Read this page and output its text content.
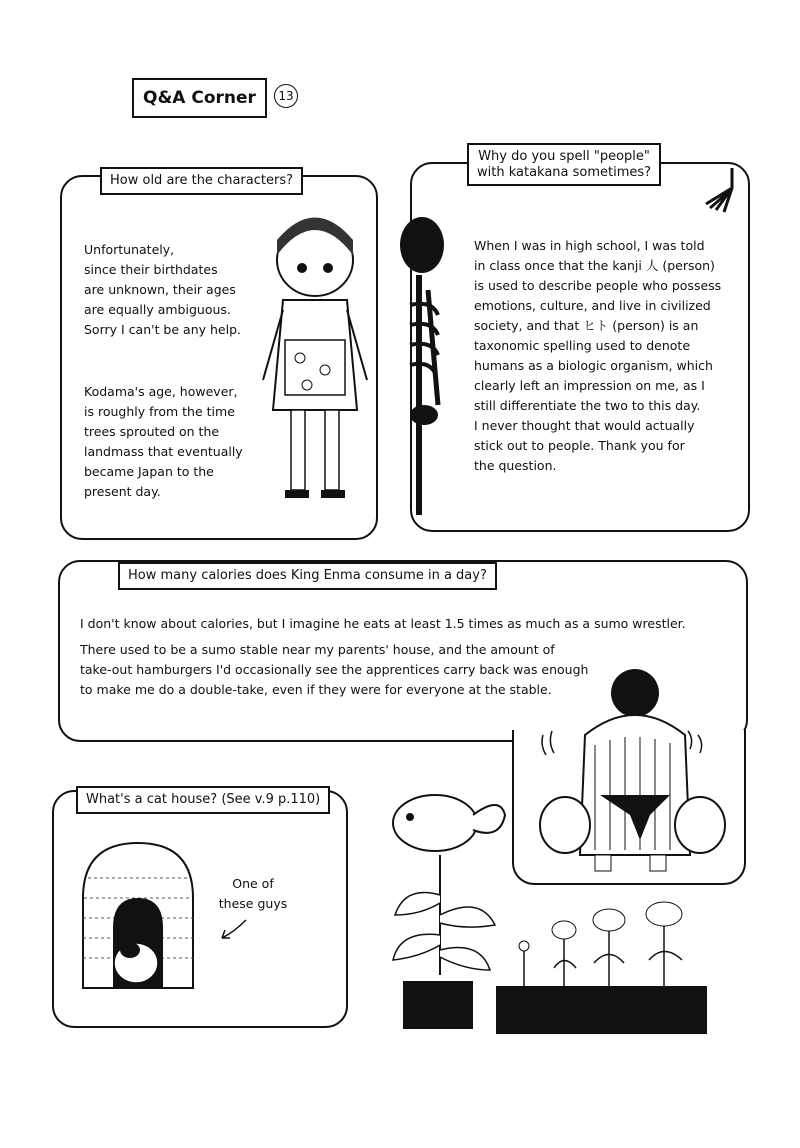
Q&A Corner	13
How old are the characters?
Unfortunately,
since their birthdates
are unknown, their ages
are equally ambiguous.
Sorry I can't be any help.
Kodama's age, however,
is roughly from the time
trees sprouted on the
landmass that eventually
became Japan to the
present day.
Why do you spell "people"
with katakana sometimes?
When I was in high school, I was told
in class once that the kanji 人 (person)
is used to describe people who possess
emotions, culture, and live in civilized
society, and that ヒト (person) is an
taxonomic spelling used to denote
humans as a biologic organism, which
clearly left an impression on me, as I
still differentiate the two to this day.
I never thought that would actually
stick out to people. Thank you for
the question.
How many calories does King Enma consume in a day?
I don't know about calories, but I imagine he eats at least 1.5 times as much as a sumo wrestler.
There used to be a sumo stable near my parents' house, and the amount of
take-out hamburgers I'd occasionally see the apprentices carry back was enough
to make me do a double-take, even if they were for everyone at the stable.
What's a cat house? (See v.9 p.110)
One of
these guys
